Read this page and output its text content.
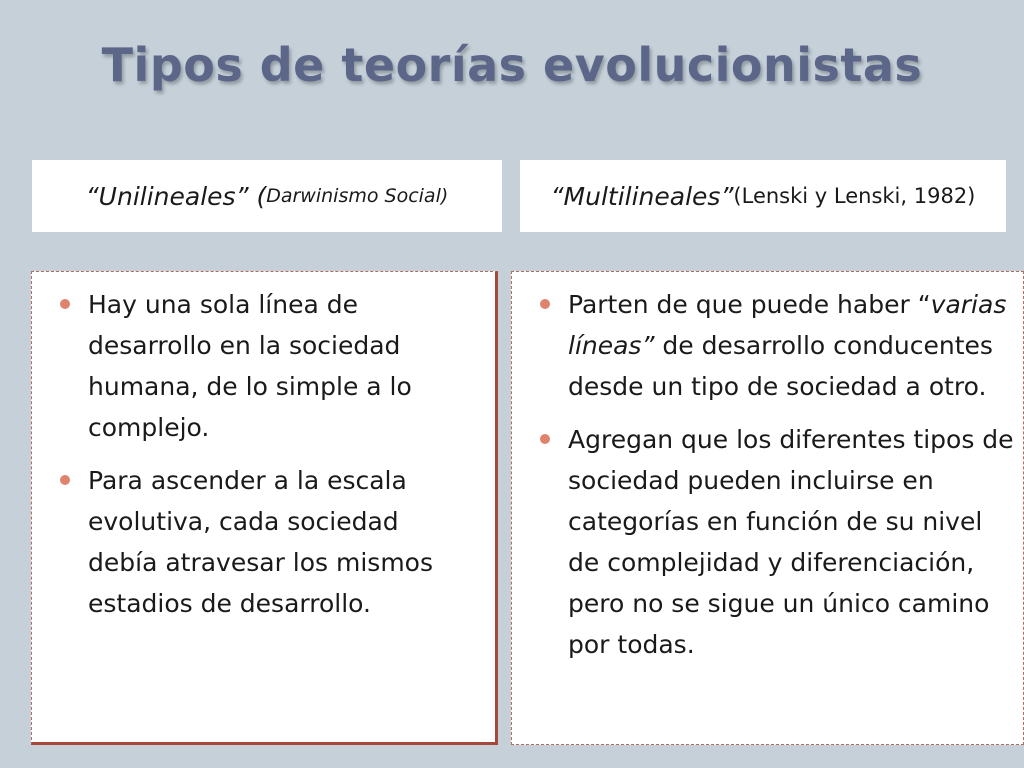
Tipos de teorías evolucionistas
“Unilineales” ( Darwinismo Social)	“Multilineales” (Lenski y Lenski, 1982)
Hay una sola línea de desarrollo en la sociedad humana, de lo simple a lo complejo.
Para ascender a la escala evolutiva, cada sociedad debía atravesar los mismos estadios de desarrollo.
Parten de que puede haber “varias líneas” de desarrollo conducentes desde un tipo de sociedad a otro.
Agregan que los diferentes tipos de sociedad pueden incluirse en categorías en función de su nivel de complejidad y diferenciación, pero no se sigue un único camino por todas.
